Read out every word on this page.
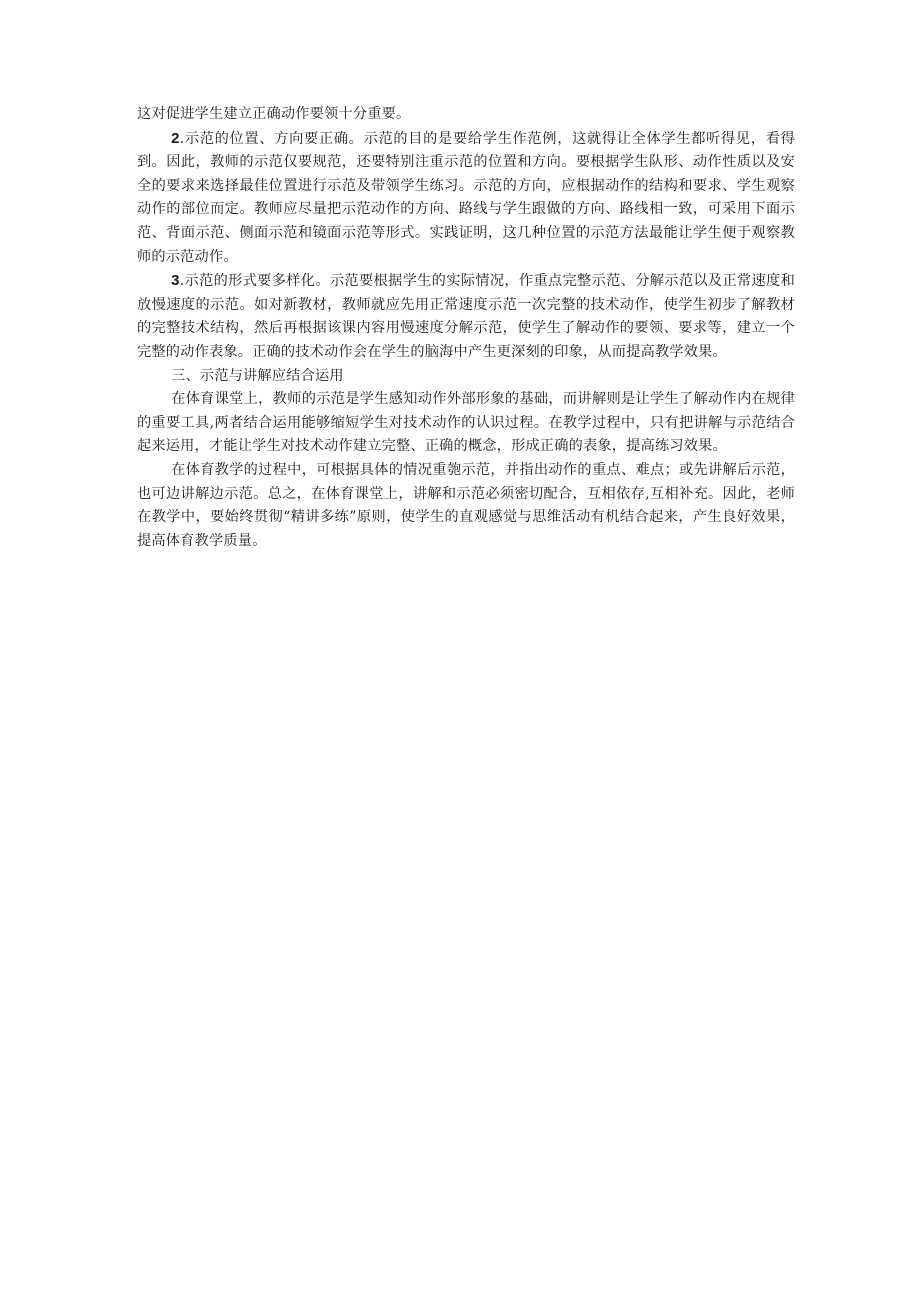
这对促进学生建立正确动作要领十分重要。

2.示范的位置、方向要正确。示范的目的是要给学生作范例，这就得让全体学生都听得见，看得到。因此，教师的示范仅要规范，还要特别注重示范的位置和方向。要根据学生队形、动作性质以及安全的要求来选择最佳位置进行示范及带领学生练习。示范的方向，应根据动作的结构和要求、学生观察动作的部位而定。教师应尽量把示范动作的方向、路线与学生跟做的方向、路线相一致，可采用下面示范、背面示范、侧面示范和镜面示范等形式。实践证明，这几种位置的示范方法最能让学生便于观察教师的示范动作。

3.示范的形式要多样化。示范要根据学生的实际情况，作重点完整示范、分解示范以及正常速度和放慢速度的示范。如对新教材，教师就应先用正常速度示范一次完整的技术动作，使学生初步了解教材的完整技术结构，然后再根据该课内容用慢速度分解示范，使学生了解动作的要领、要求等，建立一个完整的动作表象。正确的技术动作会在学生的脑海中产生更深刻的印象，从而提高教学效果。

三、示范与讲解应结合运用

在体育课堂上，教师的示范是学生感知动作外部形象的基础，而讲解则是让学生了解动作内在规律的重要工具,两者结合运用能够缩短学生对技术动作的认识过程。在教学过程中，只有把讲解与示范结合起来运用，才能让学生对技术动作建立完整、正确的概念，形成正确的表象，提高练习效果。

在体育教学的过程中，可根据具体的情况重匏示范，并指出动作的重点、难点；或先讲解后示范，也可边讲解边示范。总之，在体育课堂上，讲解和示范必须密切配合，互相依存,互相补充。因此，老师在教学中，要始终贯彻“精讲多练”原则，使学生的直观感觉与思维活动有机结合起来，产生良好效果，提高体育教学质量。
